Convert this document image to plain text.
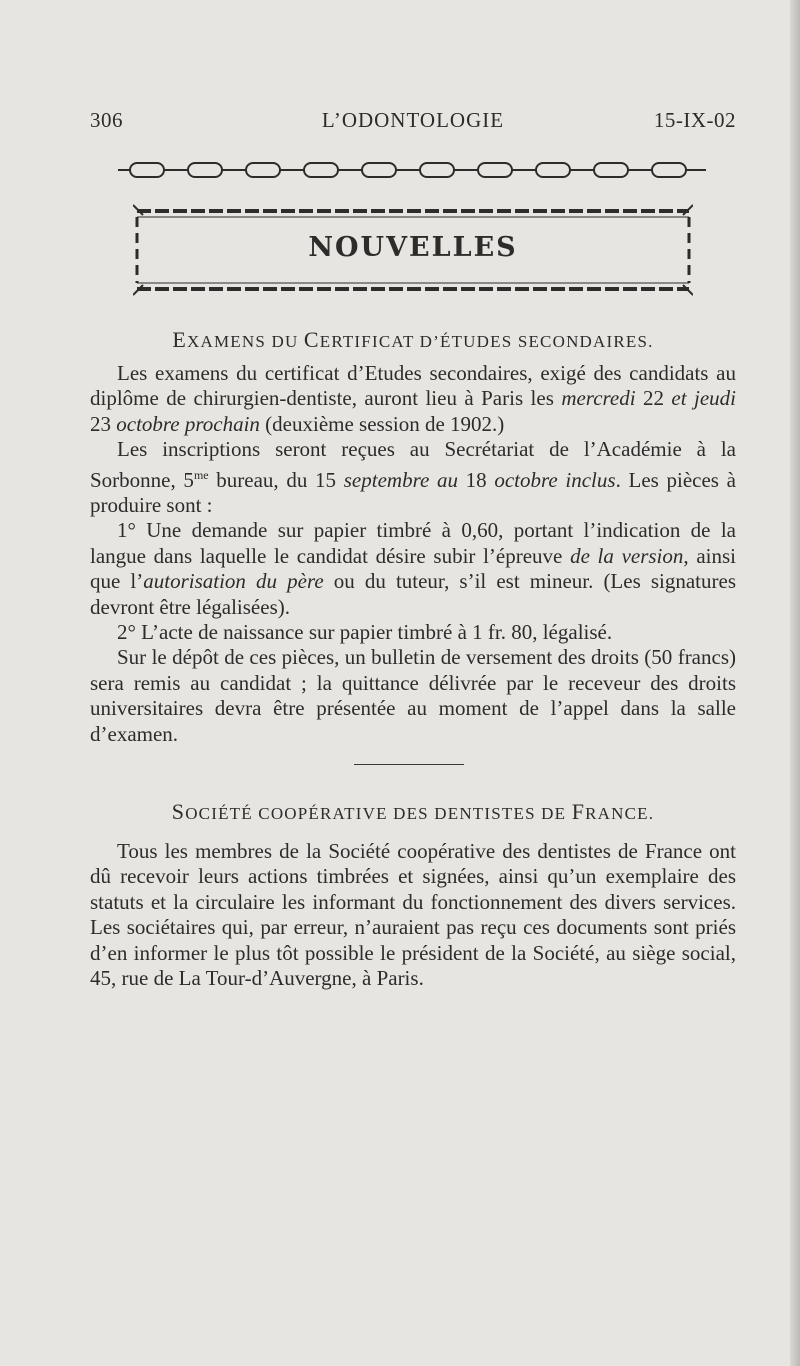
306	L’ODONTOLOGIE	15-IX-02
NOUVELLES
EXAMENS DU CERTIFICAT D’ÉTUDES SECONDAIRES.

Les examens du certificat d’Etudes secondaires, exigé des candidats au diplôme de chirurgien-dentiste, auront lieu à Paris les mercredi 22 et jeudi 23 octobre prochain (deuxième session de 1902.)

Les inscriptions seront reçues au Secrétariat de l’Académie à la Sorbonne, $5^{me}$ bureau, du 15 septembre au 18 octobre inclus. Les pièces à produire sont :

1° Une demande sur papier timbré à 0,60, portant l’indication de la langue dans laquelle le candidat désire subir l’épreuve de la version, ainsi que l’autorisation du père ou du tuteur, s’il est mineur. (Les signatures devront être légalisées).

2° L’acte de naissance sur papier timbré à 1 fr. 80, légalisé.

Sur le dépôt de ces pièces, un bulletin de versement des droits (50 francs) sera remis au candidat ; la quittance délivrée par le receveur des droits universitaires devra être présentée au moment de l’appel dans la salle d’examen.

SOCIÉTÉ COOPÉRATIVE DES DENTISTES DE FRANCE.

Tous les membres de la Société coopérative des dentistes de France ont dû recevoir leurs actions timbrées et signées, ainsi qu’un exemplaire des statuts et la circulaire les informant du fonctionnement des divers services. Les sociétaires qui, par erreur, n’auraient pas reçu ces documents sont priés d’en informer le plus tôt possible le président de la Société, au siège social, 45, rue de La Tour-d’Auvergne, à Paris.
